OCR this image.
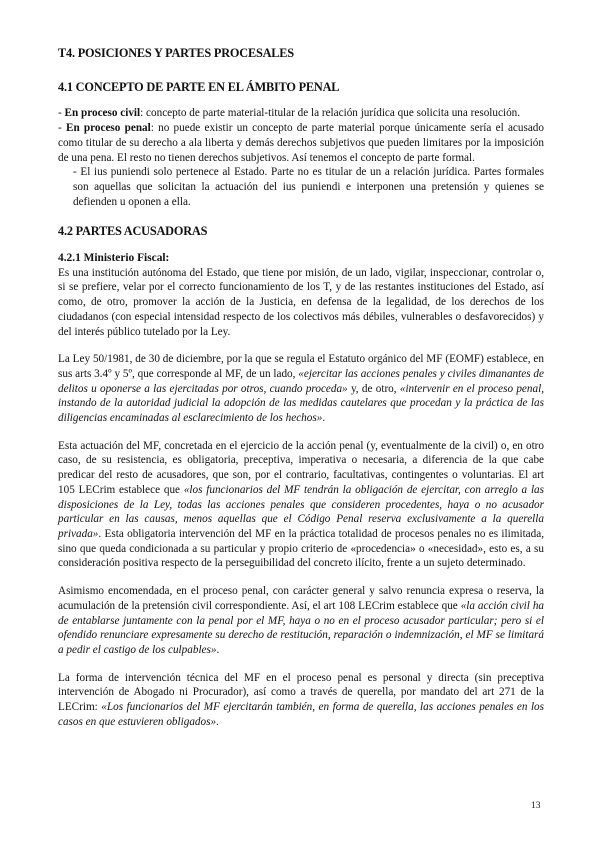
T4. POSICIONES Y PARTES PROCESALES
4.1 CONCEPTO DE PARTE EN EL ÁMBITO PENAL

- En proceso civil: concepto de parte material-titular de la relación jurídica que solicita una resolución.

- En proceso penal: no puede existir un concepto de parte material porque únicamente sería el acusado como titular de su derecho a ala liberta y demás derechos subjetivos que pueden limitares por la imposición de una pena. El resto no tienen derechos subjetivos. Así tenemos el concepto de parte formal.

- El ius puniendi solo pertenece al Estado. Parte no es titular de un a relación jurídica. Partes formales son aquellas que solicitan la actuación del ius puniendi e interponen una pretensión y quienes se defienden u oponen a ella.

4.2 PARTES ACUSADORAS
4.2.1 Ministerio Fiscal:

Es una institución autónoma del Estado, que tiene por misión, de un lado, vigilar, inspeccionar, controlar o, si se prefiere, velar por el correcto funcionamiento de los T, y de las restantes instituciones del Estado, así como, de otro, promover la acción de la Justicia, en defensa de la legalidad, de los derechos de los ciudadanos (con especial intensidad respecto de los colectivos más débiles, vulnerables o desfavorecidos) y del interés público tutelado por la Ley.

La Ley 50/1981, de 30 de diciembre, por la que se regula el Estatuto orgánico del MF (EOMF) establece, en sus arts 3.4º y 5º, que corresponde al MF, de un lado, «ejercitar las acciones penales y civiles dimanantes de delitos u oponerse a las ejercitadas por otros, cuando proceda» y, de otro, «intervenir en el proceso penal, instando de la autoridad judicial la adopción de las medidas cautelares que procedan y la práctica de las diligencias encaminadas al esclarecimiento de los hechos».

Esta actuación del MF, concretada en el ejercicio de la acción penal (y, eventualmente de la civil) o, en otro caso, de su resistencia, es obligatoria, preceptiva, imperativa o necesaria, a diferencia de la que cabe predicar del resto de acusadores, que son, por el contrario, facultativas, contingentes o voluntarias. El art 105 LECrim establece que «los funcionarios del MF tendrán la obligación de ejercitar, con arreglo a las disposiciones de la Ley, todas las acciones penales que consideren procedentes, haya o no acusador particular en las causas, menos aquellas que el Código Penal reserva exclusivamente a la querella privada». Esta obligatoria intervención del MF en la práctica totalidad de procesos penales no es ilimitada, sino que queda condicionada a su particular y propio criterio de «procedencia» o «necesidad», esto es, a su consideración positiva respecto de la perseguibilidad del concreto ilícito, frente a un sujeto determinado.

Asimismo encomendada, en el proceso penal, con carácter general y salvo renuncia expresa o reserva, la acumulación de la pretensión civil correspondiente. Así, el art 108 LECrim establece que «la acción civil ha de entablarse juntamente con la penal por el MF, haya o no en el proceso acusador particular; pero si el ofendido renunciare expresamente su derecho de restitución, reparación o indemnización, el MF se limitará a pedir el castigo de los culpables».

La forma de intervención técnica del MF en el proceso penal es personal y directa (sin preceptiva intervención de Abogado ni Procurador), así como a través de querella, por mandato del art 271 de la LECrim: «Los funcionarios del MF ejercitarán también, en forma de querella, las acciones penales en los casos en que estuvieren obligados».

13
